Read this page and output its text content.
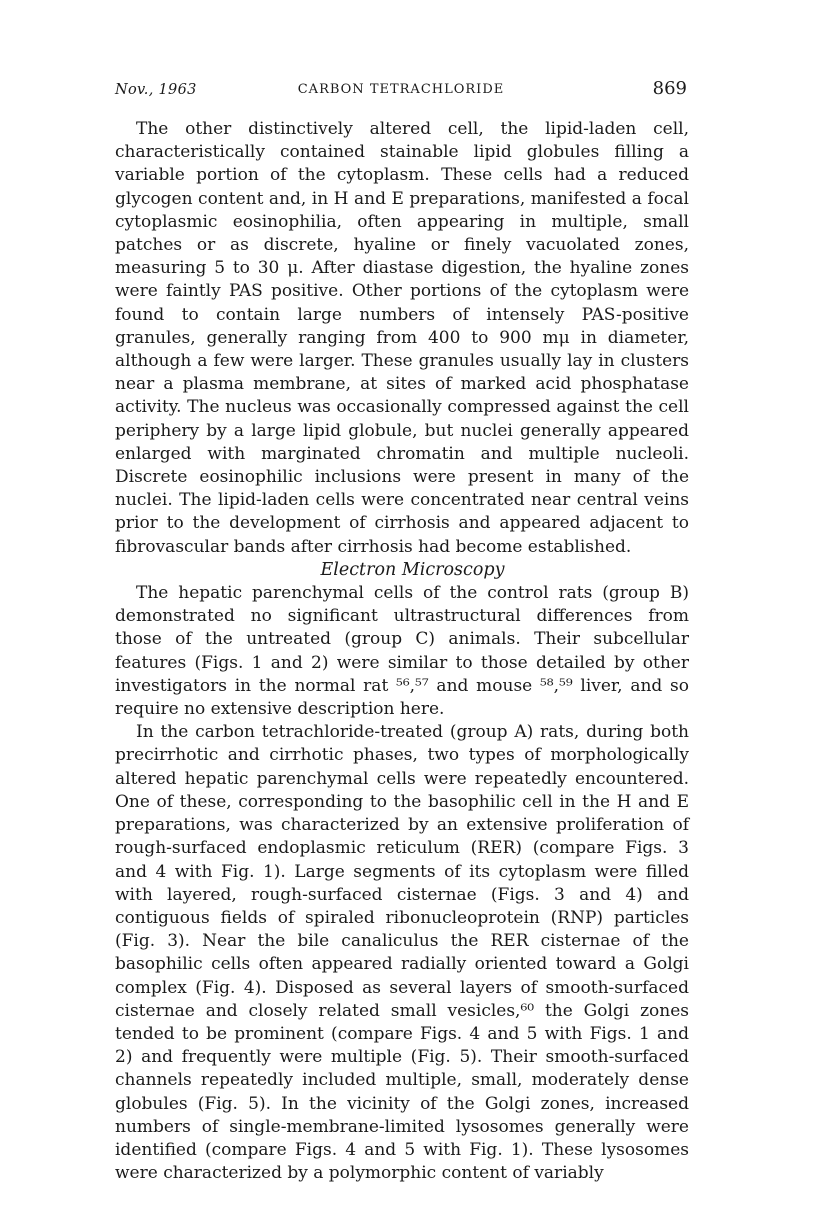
Nov., 1963	CARBON TETRACHLORIDE	869

The other distinctively altered cell, the lipid-laden cell, characteristically contained stainable lipid globules filling a variable portion of the cytoplasm. These cells had a reduced glycogen content and, in H and E preparations, manifested a focal cytoplasmic eosinophilia, often appearing in multiple, small patches or as discrete, hyaline or finely vacuolated zones, measuring 5 to 30 μ. After diastase digestion, the hyaline zones were faintly PAS positive. Other portions of the cytoplasm were found to contain large numbers of intensely PAS-positive granules, generally ranging from 400 to 900 mμ in diameter, although a few were larger. These granules usually lay in clusters near a plasma membrane, at sites of marked acid phosphatase activity. The nucleus was occasionally compressed against the cell periphery by a large lipid globule, but nuclei generally appeared enlarged with marginated chromatin and multiple nucleoli. Discrete eosinophilic inclusions were present in many of the nuclei. The lipid-laden cells were concentrated near central veins prior to the development of cirrhosis and appeared adjacent to fibrovascular bands after cirrhosis had become established.

Electron Microscopy

The hepatic parenchymal cells of the control rats (group B) demonstrated no significant ultrastructural differences from those of the untreated (group C) animals. Their subcellular features (Figs. 1 and 2) were similar to those detailed by other investigators in the normal rat ⁵⁶,⁵⁷ and mouse ⁵⁸,⁵⁹ liver, and so require no extensive description here.

In the carbon tetrachloride-treated (group A) rats, during both precirrhotic and cirrhotic phases, two types of morphologically altered hepatic parenchymal cells were repeatedly encountered. One of these, corresponding to the basophilic cell in the H and E preparations, was characterized by an extensive proliferation of rough-surfaced endoplasmic reticulum (RER) (compare Figs. 3 and 4 with Fig. 1). Large segments of its cytoplasm were filled with layered, rough-surfaced cisternae (Figs. 3 and 4) and contiguous fields of spiraled ribonucleoprotein (RNP) particles (Fig. 3). Near the bile canaliculus the RER cisternae of the basophilic cells often appeared radially oriented toward a Golgi complex (Fig. 4). Disposed as several layers of smooth-surfaced cisternae and closely related small vesicles,⁶⁰ the Golgi zones tended to be prominent (compare Figs. 4 and 5 with Figs. 1 and 2) and frequently were multiple (Fig. 5). Their smooth-surfaced channels repeatedly included multiple, small, moderately dense globules (Fig. 5). In the vicinity of the Golgi zones, increased numbers of single-membrane-limited lysosomes generally were identified (compare Figs. 4 and 5 with Fig. 1). These lysosomes were characterized by a polymorphic content of variably
